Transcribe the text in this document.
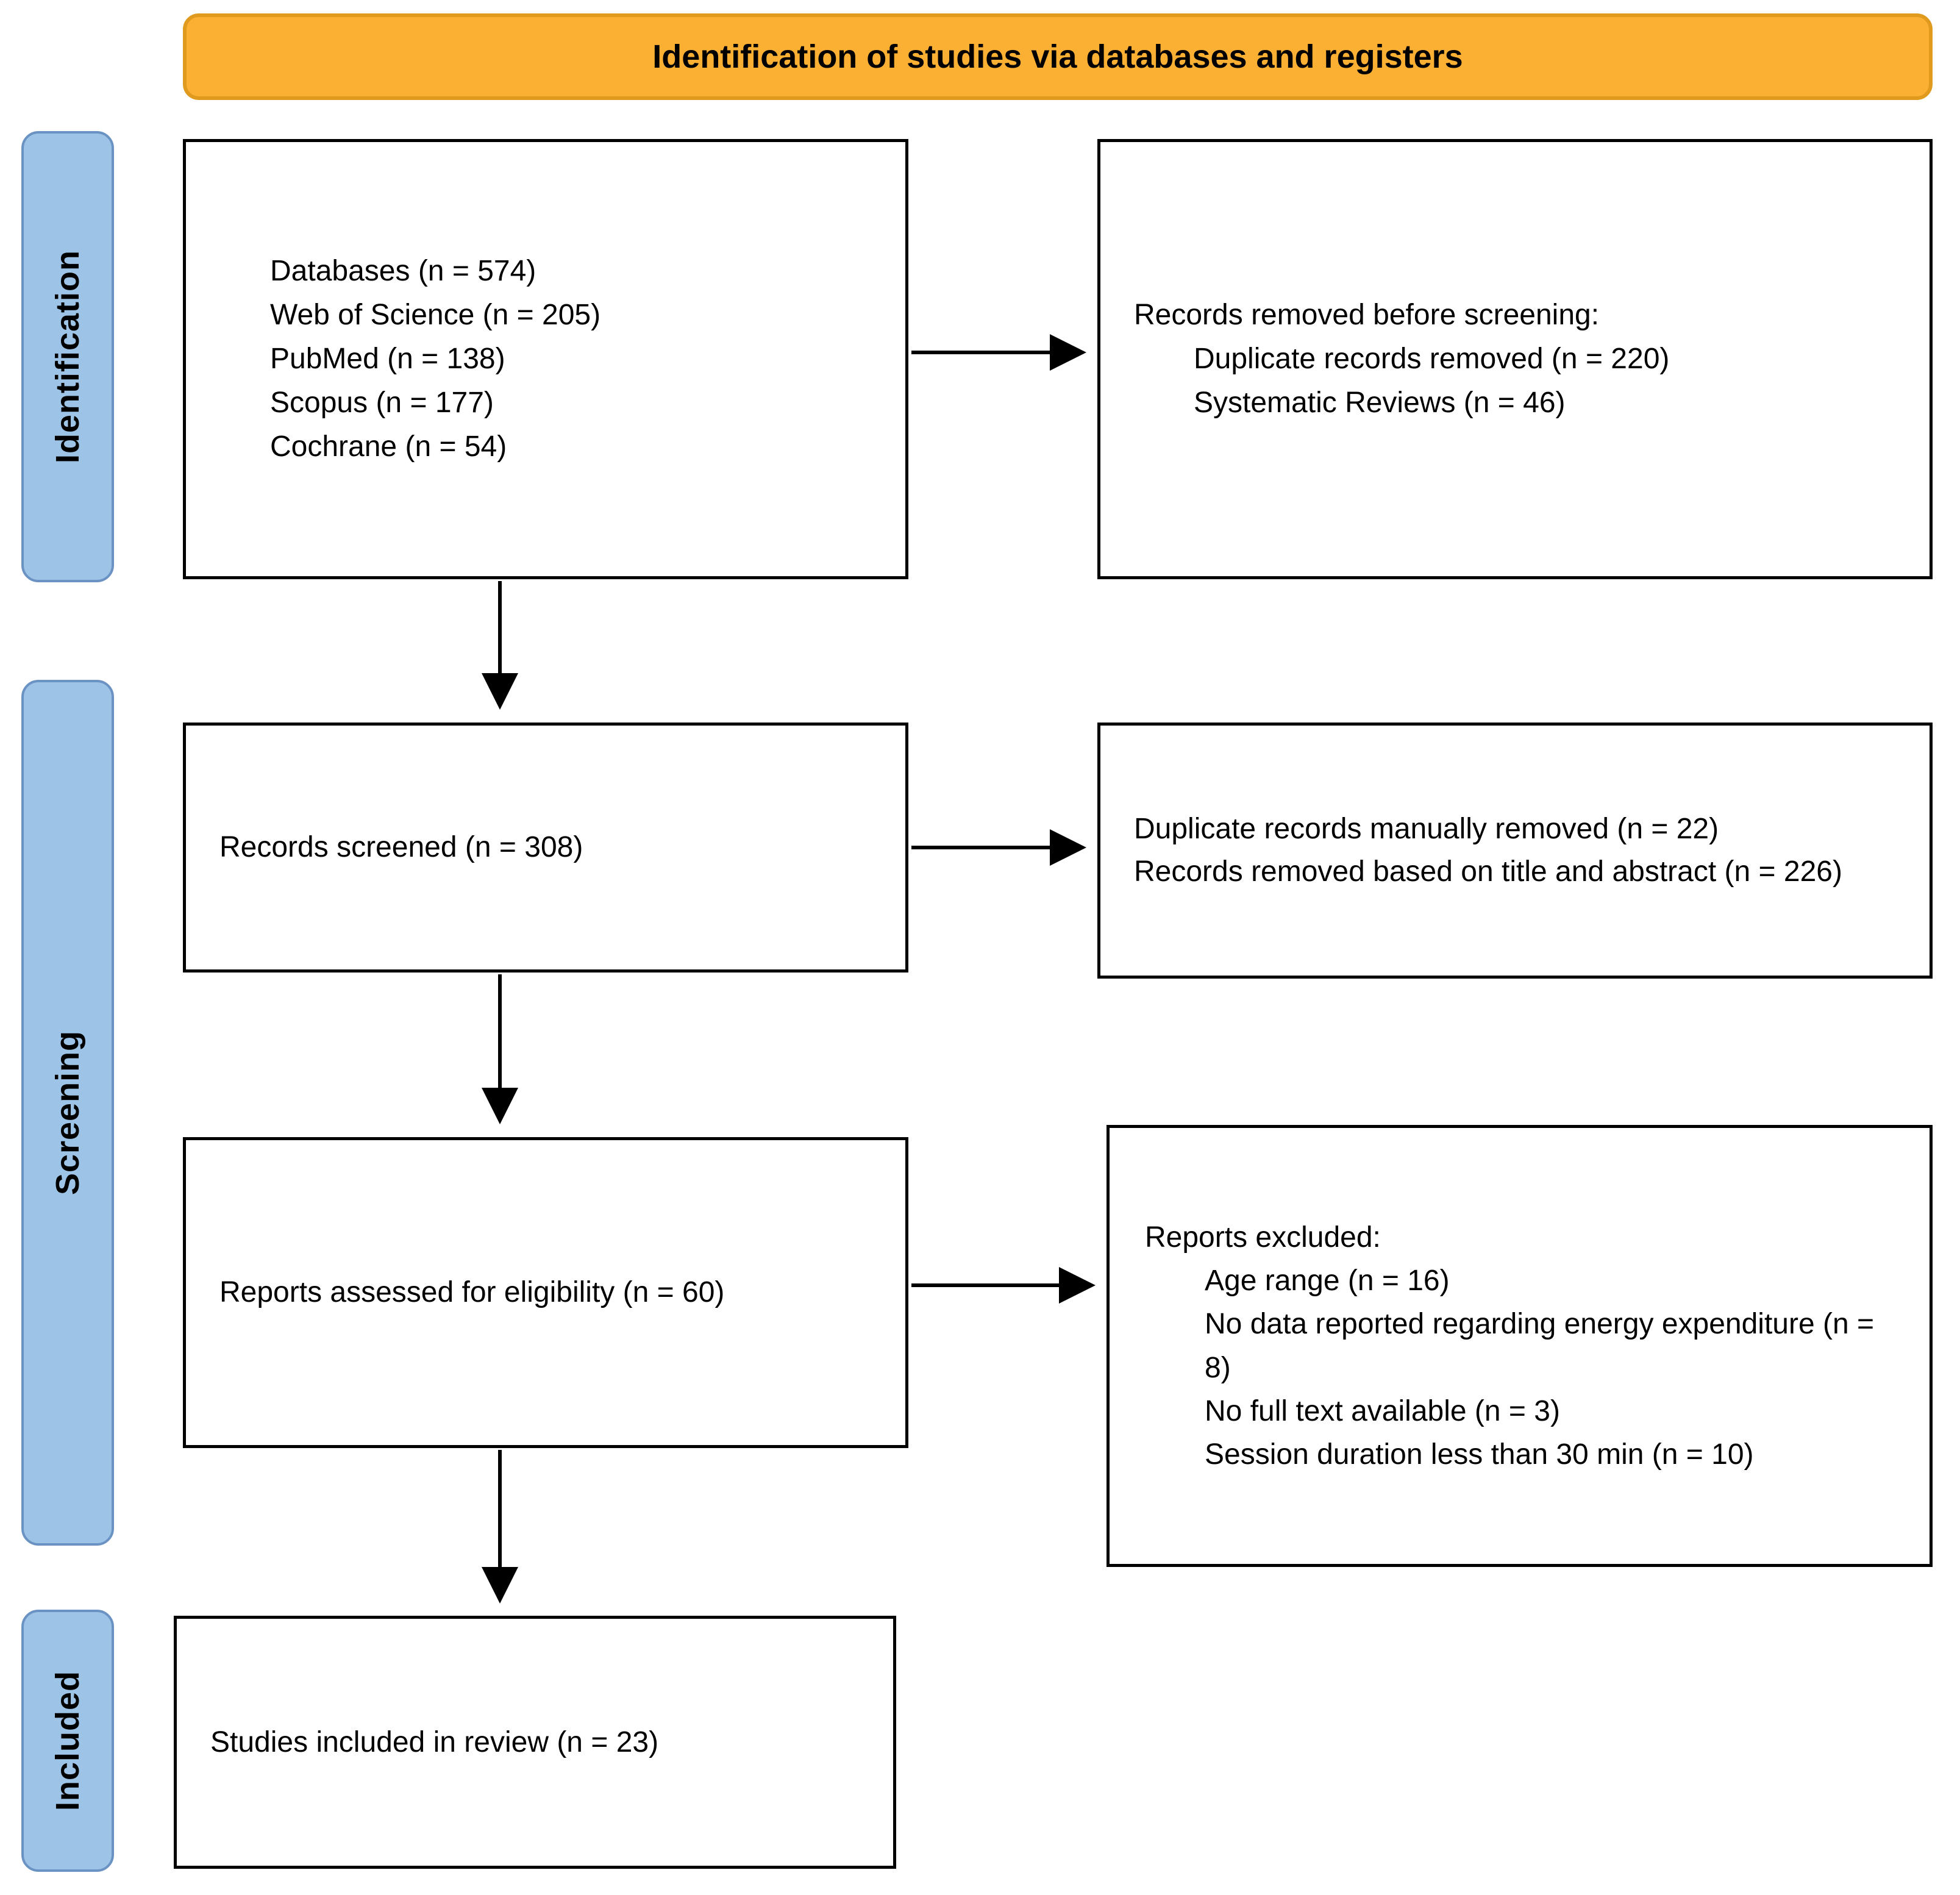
Identification of studies via databases and registers
Identification
Screening
Included
Databases (n = 574)
Web of Science (n = 205)
PubMed (n = 138)
Scopus (n = 177)
Cochrane (n = 54)
Records removed before screening:
Duplicate records removed (n = 220)
Systematic Reviews (n = 46)
Records screened (n = 308)
Duplicate records manually removed (n = 22)
Records removed based on title and abstract (n = 226)
Reports assessed for eligibility (n = 60)
Reports excluded:
Age range (n = 16)
No data reported regarding energy expenditure (n = 8)
No full text available (n = 3)
Session duration less than 30 min (n = 10)
Studies included in review (n = 23)
